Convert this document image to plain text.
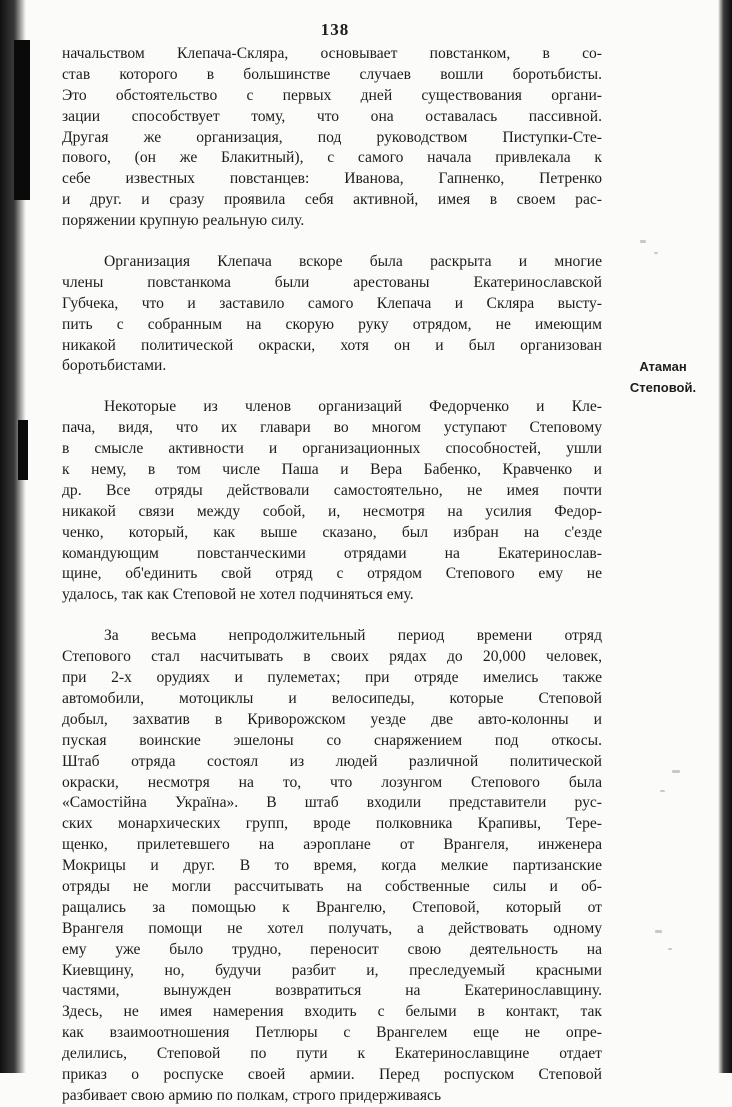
138
начальством Клепача-Скляра, основывает повстанком, в со-
став которого в большинстве случаев вошли боротьбисты.
Это обстоятельство с первых дней существования органи-
зации способствует тому, что она оставалась пассивной.
Другая же организация, под руководством Пиступки-Сте-
пового, (он же Блакитный), с самого начала привлекала к
себе известных повстанцев: Иванова, Гапненко, Петренко
и друг. и сразу проявила себя активной, имея в своем рас-
поряжении крупную реальную силу.
Организация Клепача вскоре была раскрыта и многие
члены повстанкома были арестованы Екатеринославской
Губчека, что и заставило самого Клепача и Скляра высту-
пить с собранным на скорую руку отрядом, не имеющим
никакой политической окраски, хотя он и был организован
боротьбистами.
Некоторые из членов организаций Федорченко и Кле-
пача, видя, что их главари во многом уступают Степовому
в смысле активности и организационных способностей, ушли
к нему, в том числе Паша и Вера Бабенко, Кравченко и
др. Все отряды действовали самостоятельно, не имея почти
никакой связи между собой, и, несмотря на усилия Федор-
ченко, который, как выше сказано, был избран на с'езде
командующим повстанческими отрядами на Екатеринослав-
щине, об'единить свой отряд с отрядом Степового ему не
удалось, так как Степовой не хотел подчиняться ему.
За весьма непродолжительный период времени отряд
Степового стал насчитывать в своих рядах до 20,000 человек,
при 2-х орудиях и пулеметах; при отряде имелись также
автомобили, мотоциклы и велосипеды, которые Степовой
добыл, захватив в Криворожском уезде две авто-колонны и
пуская воинские эшелоны со снаряжением под откосы.
Штаб отряда состоял из людей различной политической
окраски, несмотря на то, что лозунгом Степового была
«Самостiйна Україна». В штаб входили представители рус-
ских монархических групп, вроде полковника Крапивы, Тере-
щенко, прилетевшего на аэроплане от Врангеля, инженера
Мокрицы и друг. В то время, когда мелкие партизанские
отряды не могли рассчитывать на собственные силы и об-
ращались за помощью к Врангелю, Степовой, который от
Врангеля помощи не хотел получать, а действовать одному
ему уже было трудно, переносит свою деятельность на
Киевщину, но, будучи разбит и, преследуемый красными
частями, вынужден возвратиться на Екатеринославщину.
Здесь, не имея намерения входить с белыми в контакт, так
как взаимоотношения Петлюры с Врангелем еще не опре-
делились, Степовой по пути к Екатеринославщине отдает
приказ о роспуске своей армии. Перед роспуском Степовой
разбивает свою армию по полкам, строго придерживаясь
Атаман
Степовой.
